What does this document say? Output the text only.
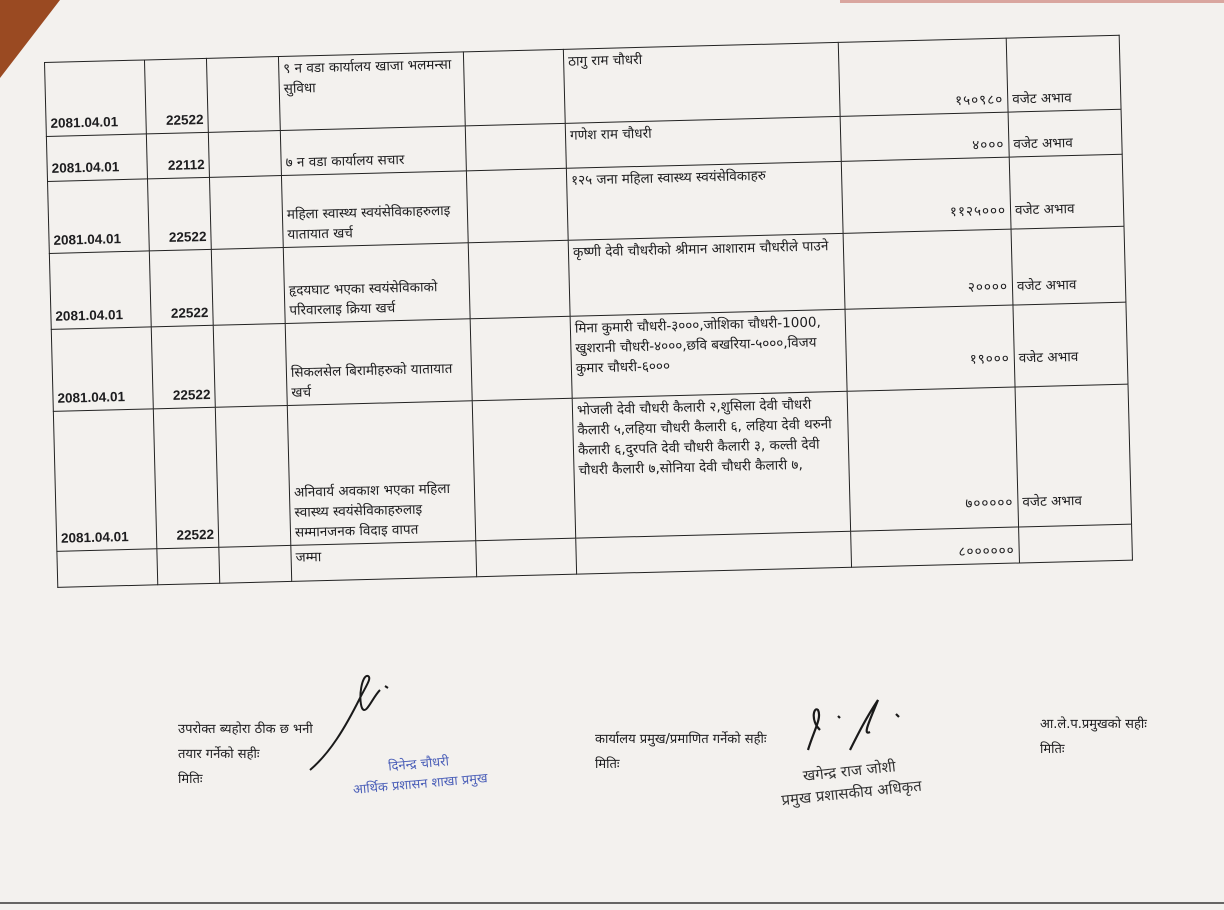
2081.04.01	22522		९ न वडा कार्यालय खाजा भलमन्सा सुविधा		ठागु राम चौधरी	१५०९८०	वजेट अभाव
2081.04.01	22112		७ न वडा कार्यालय सचार		गणेश राम चौधरी	४०००	वजेट अभाव
2081.04.01	22522		महिला स्वास्थ्य स्वयंसेविकाहरुलाइ यातायात खर्च		१२५ जना महिला स्वास्थ्य स्वयंसेविकाहरु	११२५०००	वजेट अभाव
2081.04.01	22522		हृदयघाट भएका स्वयंसेविकाको परिवारलाइ क्रिया खर्च		कृष्णी देवी चौधरीको श्रीमान आशाराम चौधरीले पाउने	२००००	वजेट अभाव
2081.04.01	22522		सिकलसेल बिरामीहरुको यातायात खर्च		मिना कुमारी चौधरी-३०००,जोशिका चौधरी-1000, खुशरानी चौधरी-४०००,छवि बखरिया-५०००,विजय कुमार चौधरी-६०००	१९०००	वजेट अभाव
2081.04.01	22522		अनिवार्य अवकाश भएका महिला स्वास्थ्य स्वयंसेविकाहरुलाइ सम्मानजनक विदाइ वापत		भोजली देवी चौधरी कैलारी २,शुसिला देवी चौधरी कैलारी ५,लहिया चौधरी कैलारी ६, लहिया देवी थरुनी कैलारी ६,दुरपति देवी चौधरी कैलारी ३, कल्ती देवी चौधरी कैलारी ७,सोनिया देवी चौधरी कैलारी ७,	७०००००	वजेट अभाव
			जम्मा			८००००००	
उपरोक्त ब्यहोरा ठीक छ भनी
तयार गर्नेको सहीः
मितिः
दिनेन्द्र चौधरी
आर्थिक प्रशासन शाखा प्रमुख
कार्यालय प्रमुख/प्रमाणित गर्नेको सहीः
मितिः	खगेन्द्र राज जोशी
प्रमुख प्रशासकीय अधिकृत
आ.ले.प.प्रमुखको सहीः
मितिः
